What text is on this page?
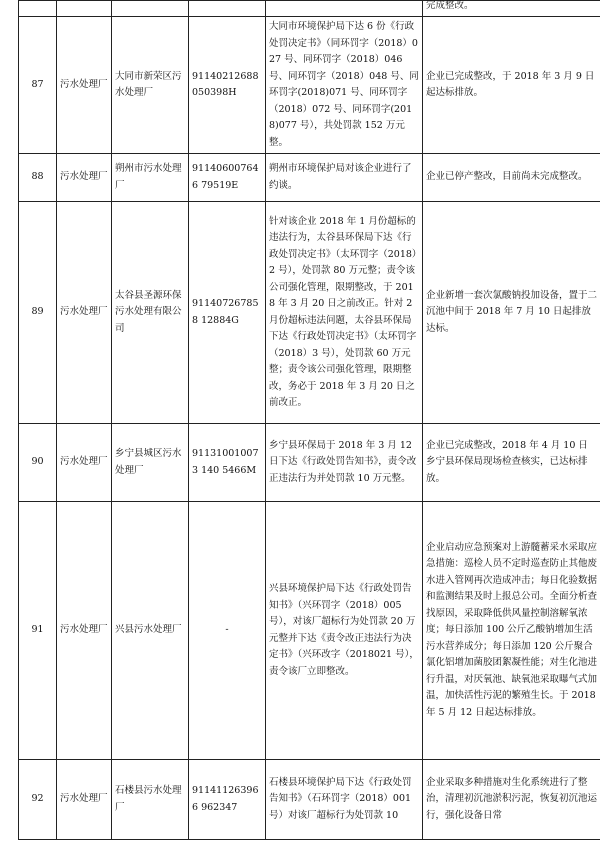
					完成整改。

87	污水处理厂	大同市新荣区污水处理厂	91140212688050398H	大同市环境保护局下达 6 份《行政处罚决定书》（同环罚字（2018）027 号、同环罚字（2018）046 号、同环罚字（2018）048 号、同环罚字(2018)071 号、同环罚字（2018）072 号、同环罚字(2018)077 号），共处罚款 152 万元整。	企业已完成整改，于 2018 年 3 月 9 日起达标排放。
88	污水处理厂	朔州市污水处理厂	911406007646 79519E	朔州市环境保护局对该企业进行了约谈。	企业已停产整改，目前尚未完成整改。
89	污水处理厂	太谷县圣源环保污水处理有限公司	911407267858 12884G	针对该企业 2018 年 1 月份超标的违法行为，太谷县环保局下达《行政处罚决定书》（太环罚字（2018）2 号），处罚款 80 万元整；责令该公司强化管理，限期整改，于 2018 年 3 月 20 日之前改正。针对 2 月份超标违法问题，太谷县环保局下达《行政处罚决定书》（太环罚字（2018）3 号），处罚款 60 万元整；责令该公司强化管理，限期整改，务必于 2018 年 3 月 20 日之前改正。	企业新增一套次氯酸钠投加设备，置于二沉池中间于 2018 年 7 月 10 日起排放达标。
90	污水处理厂	乡宁县城区污水处理厂	911310010073 140 5466M	乡宁县环保局于 2018 年 3 月 12 日下达《行政处罚告知书》，责令改正违法行为并处罚款 10 万元整。	企业已完成整改，2018 年 4 月 10 日乡宁县环保局现场检查核实，已达标排放。
91	污水处理厂	兴县污水处理厂	-	兴县环境保护局下达《行政处罚告知书》（兴环罚字（2018）005 号），对该厂超标行为处罚款 20 万元整并下达《责令改正违法行为决定书》（兴环改字（2018021 号），责令该厂立即整改。	企业启动应急预案对上游髓蓄采水采取应急措施：巡检人员不定时巡查防止其他废水进入管网再次造成冲击；每日化验数据和监测结果及时上报总公司。全面分析查找原因，采取降低供风量控制溶解氧浓度；每日添加 100 公斤乙酸钠增加生活污水营养成分；每日添加 120 公斤聚合氯化铝增加菌胶团絮凝性能；对生化池进行升温，对厌氧池、缺氧池采取曝气式加温，加快活性污泥的繁殖生长。于 2018 年 5 月 12 日起达标排放。
92	污水处理厂	石楼县污水处理厂	911411263966 962347	石楼县环境保护局下达《行政处罚告知书》（石环罚字（2018）001 号）对该厂超标行为处罚款 10	企业采取多种措施对生化系统进行了整治，清理初沉池淤积污泥，恢复初沉池运行，强化设备日常
